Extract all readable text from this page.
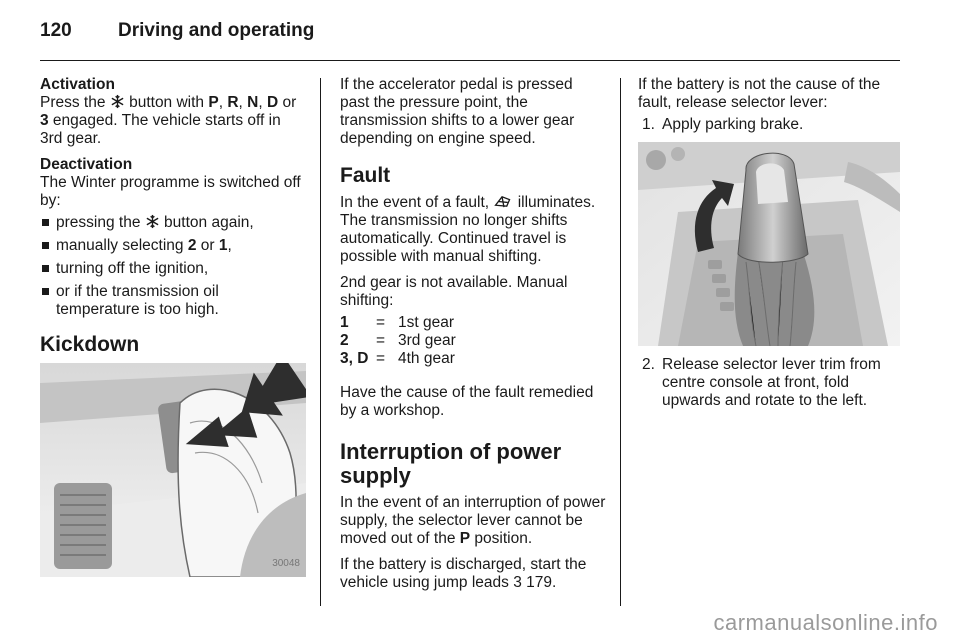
120 Driving and operating
Activation

Press the  button with P, R, N, D or 3 engaged. The vehicle starts off in 3rd gear.

Deactivation

The Winter programme is switched off by:

pressing the  button again,
manually selecting 2 or 1,
turning off the ignition,
or if the transmission oil temperature is too high.
Kickdown
30048

If the accelerator pedal is pressed past the pressure point, the transmission shifts to a lower gear depending on engine speed.

Fault

In the event of a fault,  illuminates. The transmission no longer shifts automatically. Continued travel is possible with manual shifting.

2nd gear is not available. Manual shifting:

1	=	1st gear
2	=	3rd gear
3, D	=	4th gear

Have the cause of the fault remedied by a workshop.

Interruption of power supply

In the event of an interruption of power supply, the selector lever cannot be moved out of the P position.

If the battery is discharged, start the vehicle using jump leads 3 179.

If the battery is not the cause of the fault, release selector lever:

1. Apply parking brake.
2. Release selector lever trim from centre console at front, fold upwards and rotate to the left.
carmanualsonline.info
